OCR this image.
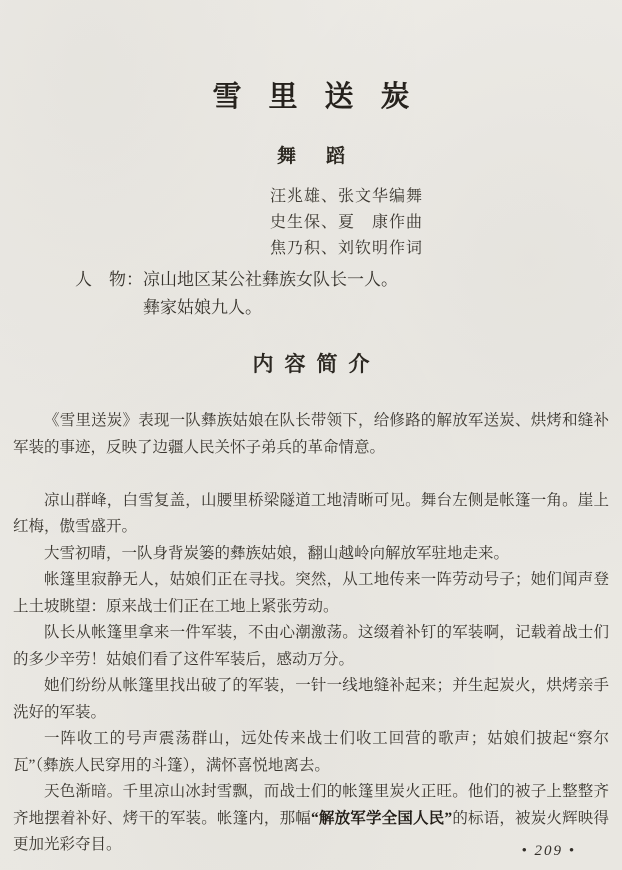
雪里送炭
舞蹈
汪兆雄、张文华编舞
史生保、夏　康作曲
焦乃积、刘钦明作词
人　物： 凉山地区某公社彝族女队长一人。
彝家姑娘九人。
内容简介

《雪里送炭》表现一队彝族姑娘在队长带领下，给修路的解放军送炭、烘烤和缝补军装的事迹，反映了边疆人民关怀子弟兵的革命情意。

凉山群峰，白雪复盖，山腰里桥梁隧道工地清晰可见。舞台左侧是帐篷一角。崖上红梅，傲雪盛开。

大雪初晴，一队身背炭篓的彝族姑娘，翻山越岭向解放军驻地走来。

帐篷里寂静无人，姑娘们正在寻找。突然，从工地传来一阵劳动号子；她们闻声登上土坡眺望：原来战士们正在工地上紧张劳动。

队长从帐篷里拿来一件军装，不由心潮激荡。这缀着补钉的军装啊，记载着战士们的多少辛劳！姑娘们看了这件军装后，感动万分。

她们纷纷从帐篷里找出破了的军装，一针一线地缝补起来；并生起炭火，烘烤亲手洗好的军装。

一阵收工的号声震荡群山，远处传来战士们收工回营的歌声；姑娘们披起“察尔瓦”（彝族人民穿用的斗篷），满怀喜悦地离去。

天色渐暗。千里凉山冰封雪飘，而战士们的帐篷里炭火正旺。他们的被子上整整齐齐地摆着补好、烤干的军装。帐篷内，那幅“解放军学全国人民”的标语，被炭火辉映得更加光彩夺目。	• 209 •
